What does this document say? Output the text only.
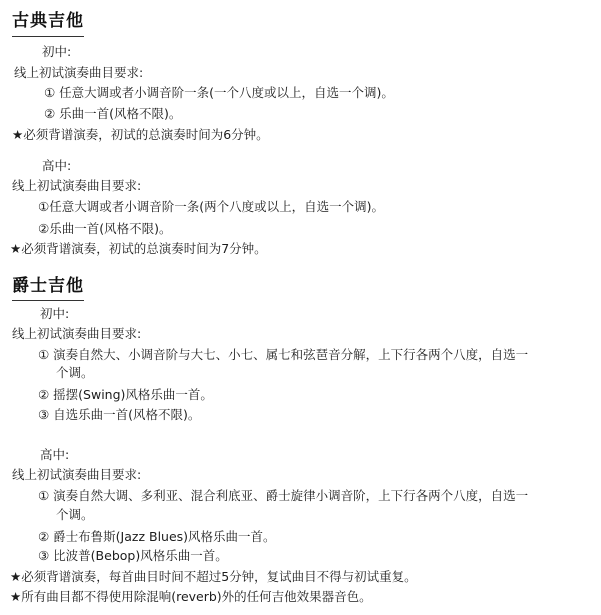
古典吉他
初中:
线上初试演奏曲目要求:
① 任意大调或者小调音阶一条(一个八度或以上，自选一个调)。
② 乐曲一首(风格不限)。
★必须背谱演奏，初试的总演奏时间为6分钟。
高中:
线上初试演奏曲目要求:
①任意大调或者小调音阶一条(两个八度或以上，自选一个调)。
②乐曲一首(风格不限)。
★必须背谱演奏，初试的总演奏时间为7分钟。
爵士吉他
初中:
线上初试演奏曲目要求:
① 演奏自然大、小调音阶与大七、小七、属七和弦琶音分解，上下行各两个八度，自选一
个调。
② 摇摆(Swing)风格乐曲一首。
③ 自选乐曲一首(风格不限)。
高中:
线上初试演奏曲目要求:
① 演奏自然大调、多利亚、混合利底亚、爵士旋律小调音阶，上下行各两个八度，自选一
个调。
② 爵士布鲁斯(Jazz Blues)风格乐曲一首。
③ 比波普(Bebop)风格乐曲一首。
★必须背谱演奏，每首曲目时间不超过5分钟，复试曲目不得与初试重复。
★所有曲目都不得使用除混响(reverb)外的任何吉他效果器音色。
